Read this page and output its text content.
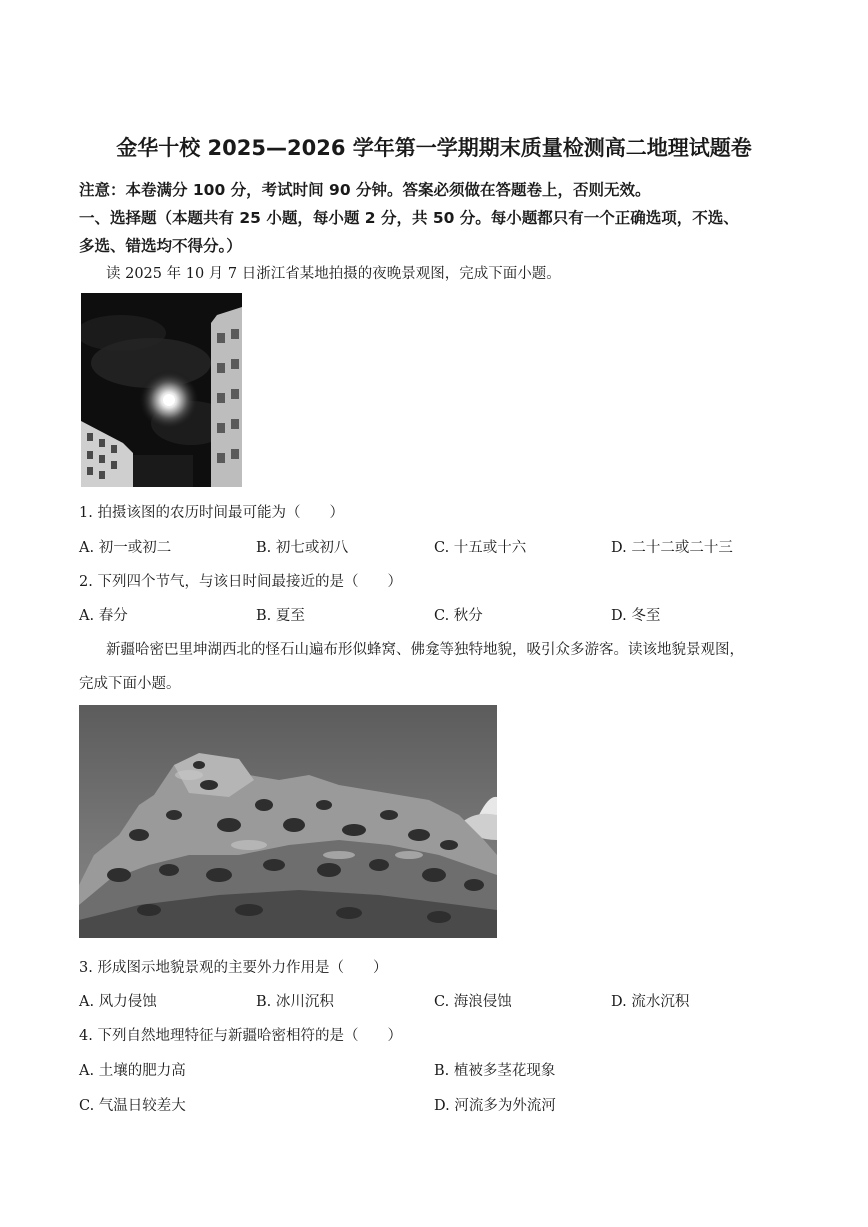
金华十校 2025—2026 学年第一学期期末质量检测高二地理试题卷
注意：本卷满分 100 分，考试时间 90 分钟。答案必须做在答题卷上，否则无效。
一、选择题（本题共有 25 小题，每小题 2 分，共 50 分。每小题都只有一个正确选项，不选、
多选、错选均不得分。）
读 2025 年 10 月 7 日浙江省某地拍摄的夜晚景观图，完成下面小题。
1. 拍摄该图的农历时间最可能为（　　）
A. 初一或初二	B. 初七或初八	C. 十五或十六	D. 二十二或二十三
2. 下列四个节气，与该日时间最接近的是（　　）
A. 春分	B. 夏至	C. 秋分	D. 冬至
新疆哈密巴里坤湖西北的怪石山遍布形似蜂窝、佛龛等独特地貌，吸引众多游客。读该地貌景观图，
完成下面小题。
3. 形成图示地貌景观的主要外力作用是（　　）
A. 风力侵蚀	B. 冰川沉积	C. 海浪侵蚀	D. 流水沉积
4. 下列自然地理特征与新疆哈密相符的是（　　）
A. 土壤的肥力高	B. 植被多茎花现象
C. 气温日较差大	D. 河流多为外流河
